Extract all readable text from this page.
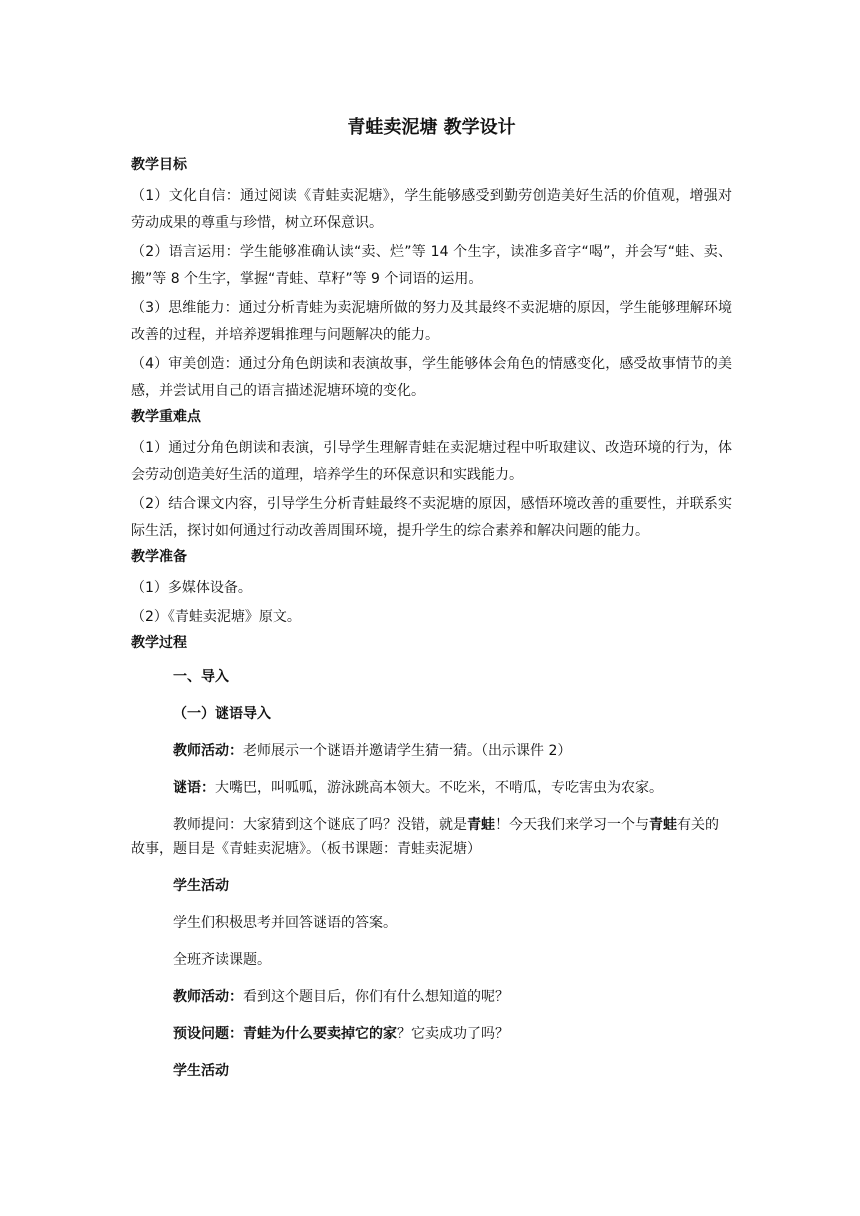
青蛙卖泥塘 教学设计
教学目标
（1）文化自信：通过阅读《青蛙卖泥塘》，学生能够感受到勤劳创造美好生活的价值观，增强对劳动成果的尊重与珍惜，树立环保意识。
（2）语言运用：学生能够准确认读“卖、烂”等 14 个生字，读准多音字“喝”，并会写“蛙、卖、搬”等 8 个生字，掌握“青蛙、草籽”等 9 个词语的运用。
（3）思维能力：通过分析青蛙为卖泥塘所做的努力及其最终不卖泥塘的原因，学生能够理解环境改善的过程，并培养逻辑推理与问题解决的能力。
（4）审美创造：通过分角色朗读和表演故事，学生能够体会角色的情感变化，感受故事情节的美感，并尝试用自己的语言描述泥塘环境的变化。
教学重难点
（1）通过分角色朗读和表演，引导学生理解青蛙在卖泥塘过程中听取建议、改造环境的行为，体会劳动创造美好生活的道理，培养学生的环保意识和实践能力。
（2）结合课文内容，引导学生分析青蛙最终不卖泥塘的原因，感悟环境改善的重要性，并联系实际生活，探讨如何通过行动改善周围环境，提升学生的综合素养和解决问题的能力。
教学准备
（1）多媒体设备。
（2）《青蛙卖泥塘》原文。
教学过程
一、导入
（一）谜语导入
教师活动：老师展示一个谜语并邀请学生猜一猜。（出示课件 2）
谜语：大嘴巴，叫呱呱，游泳跳高本领大。不吃米，不啃瓜，专吃害虫为农家。
教师提问：大家猜到这个谜底了吗？没错，就是青蛙！今天我们来学习一个与青蛙有关的故事，题目是《青蛙卖泥塘》。（板书课题：青蛙卖泥塘）
学生活动
学生们积极思考并回答谜语的答案。
全班齐读课题。
教师活动：看到这个题目后，你们有什么想知道的呢？
预设问题：青蛙为什么要卖掉它的家？它卖成功了吗？
学生活动
